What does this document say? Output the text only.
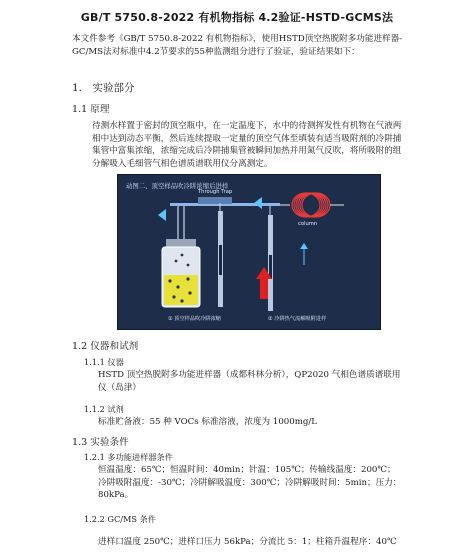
GB/T 5750.8-2022 有机物指标 4.2验证-HSTD-GCMS法
本文件参考《GB/T 5750.8-2022 有机物指标》，使用HSTD顶空热脱附多功能进样器-GC/MS法对标准中4.2节要求的55种监测组分进行了验证，验证结果如下：
1.　实验部分
1.1 原理
待测水样置于密封的顶空瓶中，在一定温度下，水中的待测挥发性有机物在气液两相中达到动态平衡，然后连续提取一定量的顶空气体至填装有适当吸附剂的冷阱捕集管中富集浓缩，浓缩完成后冷阱捕集管被瞬间加热并用氮气反吹，将所吸附的组分解吸入毛细管气相色谱质谱联用仪分离测定。
动图二、顶空样品吹冷阱浓缩后进样
Through Trap
column
① 顶空样品吹冷阱浓缩	② 冷阱热气流解吸附进样
1.2 仪器和试剂
1.1.1 仪器
HSTD 顶空热脱附多功能进样器（成都科林分析），QP2020 气相色谱质谱联用仪（岛津）
1.1.2 试剂
标准贮备液：55 种 VOCs 标准溶液，浓度为 1000mg/L
1.3 实验条件
1.2.1 多功能进样器条件
恒温温度：65℃；恒温时间：40min；针温：105℃；传输线温度：200℃；冷阱吸附温度：-30℃；冷阱解吸温度：300℃；冷阱解吸时间：5min；压力：80kPa。
1.2.2 GC/MS 条件
进样口温度 250℃；进样口压力 56kPa；分流比 5：1；柱箱升温程序：40℃
